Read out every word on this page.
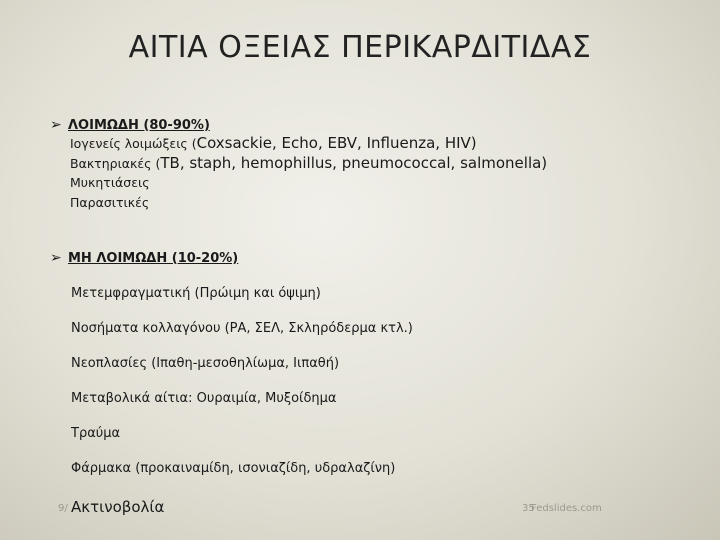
ΑΙΤΙΑ ΟΞΕΙΑΣ ΠΕΡΙΚΑΡΔΙΤΙΔΑΣ
➢ ΛΟΙΜΩΔΗ (80-90%)
Ιογενείς λοιμώξεις (Coxsackie, Echo, EBV, Influenza, HIV)
Βακτηριακές (TB, staph, hemophillus, pneumococcal, salmonella)
Μυκητιάσεις
Παρασιτικές
➢ ΜΗ ΛΟΙΜΩΔΗ (10-20%)
Μετεμφραγματική (Πρώιμη και όψιμη)
Νοσήματα κολλαγόνου (ΡΑ, ΣΕΛ, Σκληρόδερμα κτλ.)
Νεοπλασίες (Ιπαθη-μεσοθηλίωμα, Ιιπαθή)
Μεταβολικά αίτια: Ουραιμία, Μυξοίδημα
Τραύμα
Φάρμακα (προκαιναμίδη, ισονιαζίδη, υδραλαζίνη)
9/ Ακτινοβολία	35
Fedslides.com
